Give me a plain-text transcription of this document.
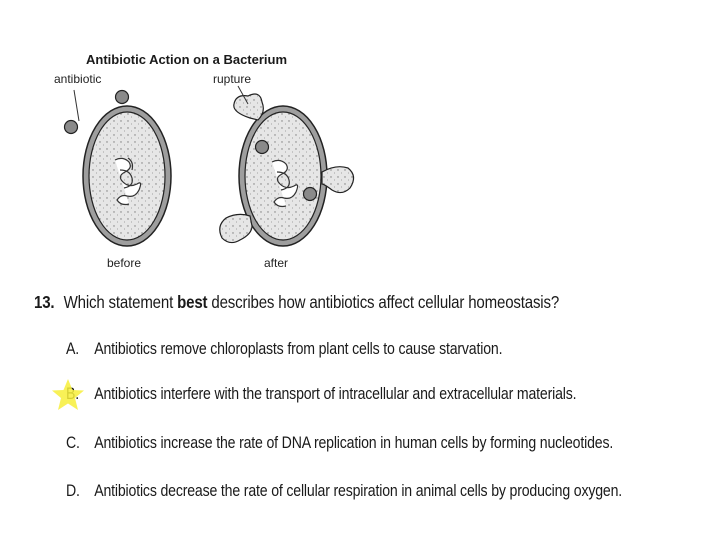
Antibiotic Action on a Bacterium
antibiotic	rupture
before	after
13. Which statement best describes how antibiotics affect cellular homeostasis?
A. Antibiotics remove chloroplasts from plant cells to cause starvation.
Antibiotics interfere with the transport of intracellular and extracellular materials.
C. Antibiotics increase the rate of DNA replication in human cells by forming nucleotides.
D. Antibiotics decrease the rate of cellular respiration in animal cells by producing oxygen.
